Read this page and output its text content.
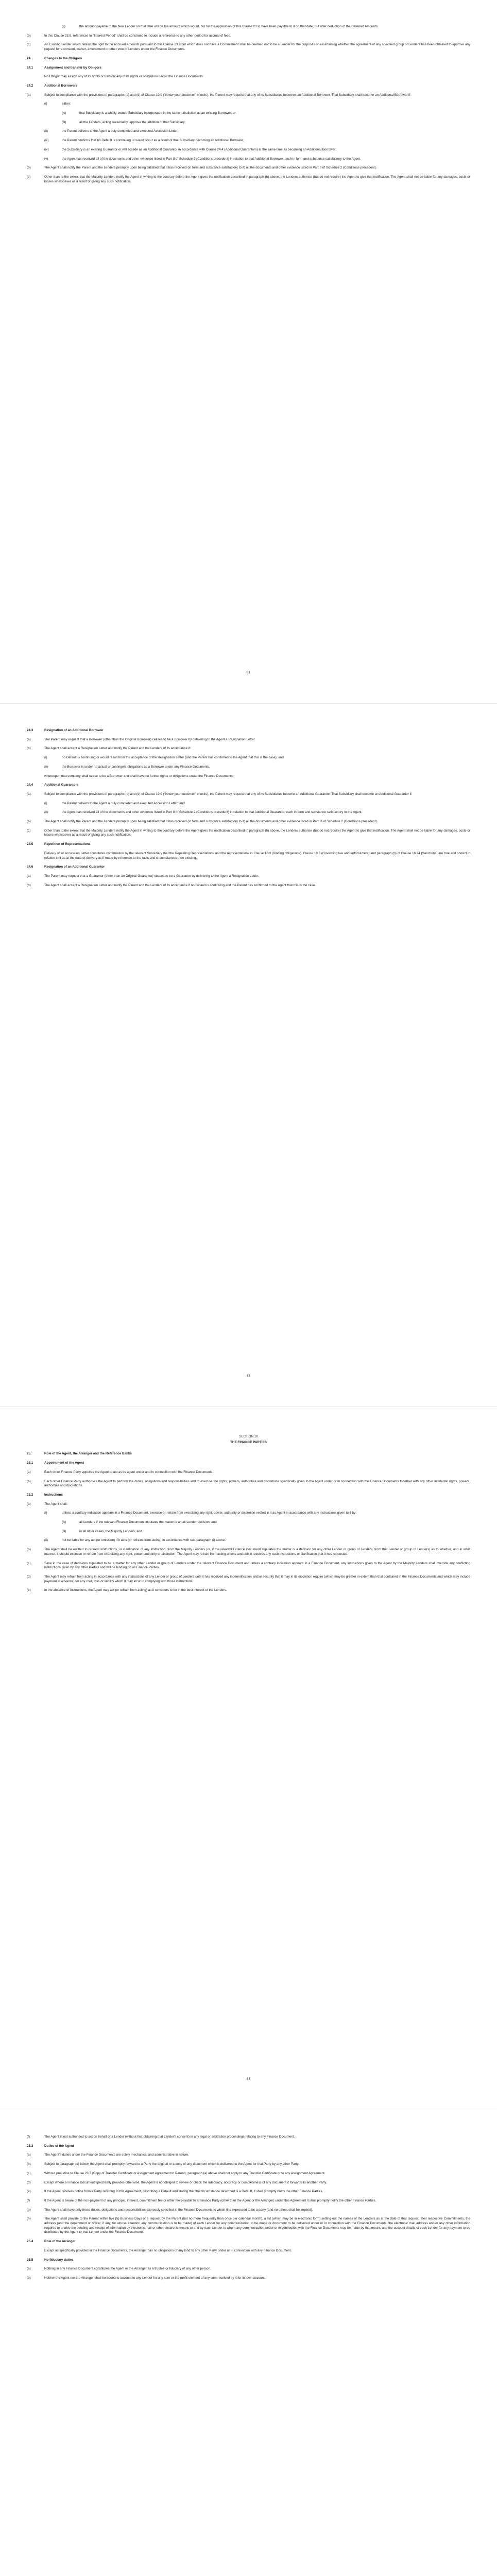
(ii)	the amount payable to the New Lender on that date will be the amount which would, but for the application of this Clause 23.9, have been payable to it on that date, but after deduction of the Deferred Amounts.
(b)	In this Clause 23.9, references to "Interest Period" shall be construed to include a reference to any other period for accrual of fees.
(c)	An Existing Lender which retains the right to the Accrued Amounts pursuant to this Clause 23.9 but which does not have a Commitment shall be deemed not to be a Lender for the purposes of ascertaining whether the agreement of any specified group of Lenders has been obtained to approve any request for a consent, waiver, amendment or other vote of Lenders under the Finance Documents.
24.	Changes to the Obligors
24.1	Assignment and transfer by Obligors
No Obligor may assign any of its rights or transfer any of its rights or obligations under the Finance Documents.
24.2	Additional Borrowers
(a)	Subject to compliance with the provisions of paragraphs (c) and (d) of Clause 19.9 ("Know your customer" checks), the Parent may request that any of its Subsidiaries becomes an Additional Borrower. That Subsidiary shall become an Additional Borrower if:
(i)	either:
(A)	that Subsidiary is a wholly-owned Subsidiary incorporated in the same jurisdiction as an existing Borrower; or
(B)	all the Lenders, acting reasonably, approve the addition of that Subsidiary;
(ii)	the Parent delivers to the Agent a duly completed and executed Accession Letter;
(iii)	the Parent confirms that no Default is continuing or would occur as a result of that Subsidiary becoming an Additional Borrower;
(iv)	the Subsidiary is an existing Guarantor or will accede as an Additional Guarantor in accordance with Clause 24.4 (Additional Guarantors) at the same time as becoming an Additional Borrower;
(v)	the Agent has received all of the documents and other evidence listed in Part II of Schedule 2 (Conditions precedent) in relation to that Additional Borrower, each in form and substance satisfactory to the Agent.
(b)	The Agent shall notify the Parent and the Lenders promptly upon being satisfied that it has received (in form and substance satisfactory to it) all the documents and other evidence listed in Part II of Schedule 2 (Conditions precedent).
(c)	Other than to the extent that the Majority Lenders notify the Agent in writing to the contrary before the Agent gives the notification described in paragraph (b) above, the Lenders authorise (but do not require) the Agent to give that notification. The Agent shall not be liable for any damages, costs or losses whatsoever as a result of giving any such notification.
81
24.3	Resignation of an Additional Borrower
(a)	The Parent may request that a Borrower (other than the Original Borrower) ceases to be a Borrower by delivering to the Agent a Resignation Letter.
(b)	The Agent shall accept a Resignation Letter and notify the Parent and the Lenders of its acceptance if:
(i)	no Default is continuing or would result from the acceptance of the Resignation Letter (and the Parent has confirmed to the Agent that this is the case); and
(ii)	the Borrower is under no actual or contingent obligations as a Borrower under any Finance Documents,
whereupon that company shall cease to be a Borrower and shall have no further rights or obligations under the Finance Documents.
24.4	Additional Guarantors
(a)	Subject to compliance with the provisions of paragraphs (c) and (d) of Clause 19.9 ("Know your customer" checks), the Parent may request that any of its Subsidiaries become an Additional Guarantor. That Subsidiary shall become an Additional Guarantor if:
(i)	the Parent delivers to the Agent a duly completed and executed Accession Letter; and
(ii)	the Agent has received all of the documents and other evidence listed in Part II of Schedule 2 (Conditions precedent) in relation to that Additional Guarantor, each in form and substance satisfactory to the Agent.
(b)	The Agent shall notify the Parent and the Lenders promptly upon being satisfied that it has received (in form and substance satisfactory to it) all the documents and other evidence listed in Part III of Schedule 2 (Conditions precedent).
(c)	Other than to the extent that the Majority Lenders notify the Agent in writing to the contrary before the Agent gives the notification described in paragraph (b) above, the Lenders authorise (but do not require) the Agent to give that notification. The Agent shall not be liable for any damages, costs or losses whatsoever as a result of giving any such notification.
24.5	Repetition of Representations
Delivery of an Accession Letter constitutes confirmation by the relevant Subsidiary that the Repeating Representations and the representations in Clause 18.3 (Binding obligations), Clause 18.6 (Governing law and enforcement) and paragraph (b) of Clause 18.24 (Sanctions) are true and correct in relation to it as at the date of delivery as if made by reference to the facts and circumstances then existing.
24.6	Resignation of an Additional Guarantor
(a)	The Parent may request that a Guarantor (other than an Original Guarantor) ceases to be a Guarantor by delivering to the Agent a Resignation Letter.
(b)	The Agent shall accept a Resignation Letter and notify the Parent and the Lenders of its acceptance if no Default is continuing and the Parent has confirmed to the Agent that this is the case.
82
SECTION 10
THE FINANCE PARTIES
25.	Role of the Agent, the Arranger and the Reference Banks
25.1	Appointment of the Agent
(a)	Each other Finance Party appoints the Agent to act as its agent under and in connection with the Finance Documents.
(b)	Each other Finance Party authorises the Agent to perform the duties, obligations and responsibilities and to exercise the rights, powers, authorities and discretions specifically given to the Agent under or in connection with the Finance Documents together with any other incidental rights, powers, authorities and discretions.
25.2	Instructions
(a)	The Agent shall:
(i)	unless a contrary indication appears in a Finance Document, exercise or refrain from exercising any right, power, authority or discretion vested in it as Agent in accordance with any instructions given to it by:
(A)	all Lenders if the relevant Finance Document stipulates the matter is an all Lender decision; and
(B)	in all other cases, the Majority Lenders; and
(ii)	not be liable for any act (or omission) if it acts (or refrains from acting) in accordance with sub-paragraph (i) above.
(b)	The Agent shall be entitled to request instructions, or clarification of any instruction, from the Majority Lenders (or, if the relevant Finance Document stipulates the matter is a decision for any other Lender or group of Lenders, from that Lender or group of Lenders) as to whether, and in what manner, it should exercise or refrain from exercising any right, power, authority or discretion. The Agent may refrain from acting unless and until it receives any such instructions or clarification that it has requested.
(c)	Save in the case of decisions stipulated to be a matter for any other Lender or group of Lenders under the relevant Finance Document and unless a contrary indication appears in a Finance Document, any instructions given to the Agent by the Majority Lenders shall override any conflicting instructions given by any other Parties and will be binding on all Finance Parties.
(d)	The Agent may refrain from acting in accordance with any instructions of any Lender or group of Lenders until it has received any indemnification and/or security that it may in its discretion require (which may be greater in extent than that contained in the Finance Documents and which may include payment in advance) for any cost, loss or liability which it may incur in complying with those instructions.
(e)	In the absence of instructions, the Agent may act (or refrain from acting) as it considers to be in the best interest of the Lenders.
83
(f)	The Agent is not authorised to act on behalf of a Lender (without first obtaining that Lender's consent) in any legal or arbitration proceedings relating to any Finance Document.
25.3	Duties of the Agent
(a)	The Agent's duties under the Finance Documents are solely mechanical and administrative in nature.
(b)	Subject to paragraph (c) below, the Agent shall promptly forward to a Party the original or a copy of any document which is delivered to the Agent for that Party by any other Party.
(c)	Without prejudice to Clause 23.7 (Copy of Transfer Certificate or Assignment Agreement to Parent), paragraph (a) above shall not apply to any Transfer Certificate or to any Assignment Agreement.
(d)	Except where a Finance Document specifically provides otherwise, the Agent is not obliged to review or check the adequacy, accuracy or completeness of any document it forwards to another Party.
(e)	If the Agent receives notice from a Party referring to this Agreement, describing a Default and stating that the circumstance described is a Default, it shall promptly notify the other Finance Parties.
(f)	If the Agent is aware of the non-payment of any principal, interest, commitment fee or other fee payable to a Finance Party (other than the Agent or the Arranger) under this Agreement it shall promptly notify the other Finance Parties.
(g)	The Agent shall have only those duties, obligations and responsibilities expressly specified in the Finance Documents to which it is expressed to be a party (and no others shall be implied).
(h)	The Agent shall provide to the Parent within five (5) Business Days of a request by the Parent (but no more frequently than once per calendar month), a list (which may be in electronic form) setting out the names of the Lenders as at the date of that request, their respective Commitments, the address (and the department or officer, if any, for whose attention any communication is to be made) of each Lender for any communication to be made or document to be delivered under or in connection with the Finance Documents, the electronic mail address and/or any other information required to enable the sending and receipt of information by electronic mail or other electronic means to and by each Lender to whom any communication under or in connection with the Finance Documents may be made by that means and the account details of each Lender for any payment to be distributed by the Agent to that Lender under the Finance Documents.
25.4	Role of the Arranger
Except as specifically provided in the Finance Documents, the Arranger has no obligations of any kind to any other Party under or in connection with any Finance Document.
25.5	No fiduciary duties
(a)	Nothing in any Finance Document constitutes the Agent or the Arranger as a trustee or fiduciary of any other person.
(b)	Neither the Agent nor the Arranger shall be bound to account to any Lender for any sum or the profit element of any sum received by it for its own account.
